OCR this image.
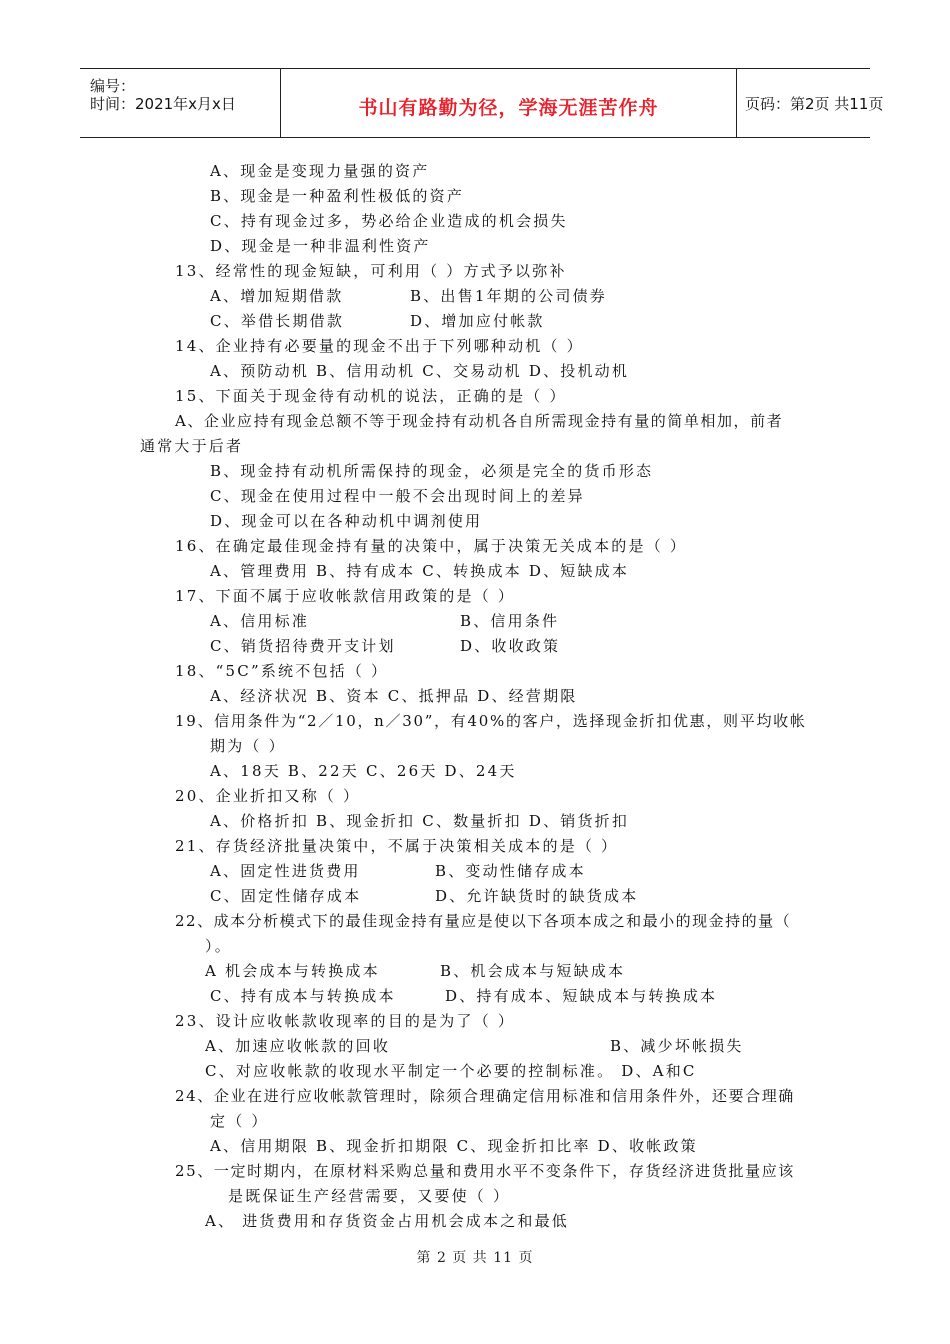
编号：
时间：2021年x月x日	书山有路勤为径，学海无涯苦作舟	页码：第2页 共11页
A、现金是变现力量强的资产
B、现金是一种盈利性极低的资产
C、持有现金过多，势必给企业造成的机会损失
D、现金是一种非温利性资产
13、经常性的现金短缺，可利用（ ）方式予以弥补
A、增加短期借款	B、出售1年期的公司债券
C、举借长期借款	D、增加应付帐款
14、企业持有必要量的现金不出于下列哪种动机（ ）
A、预防动机 B、信用动机 C、交易动机 D、投机动机
15、下面关于现金待有动机的说法，正确的是（ ）
A、企业应持有现金总额不等于现金持有动机各自所需现金持有量的简单相加，前者
通常大于后者
B、现金持有动机所需保持的现金，必须是完全的货币形态
C、现金在使用过程中一般不会出现时间上的差异
D、现金可以在各种动机中调剂使用
16、在确定最佳现金持有量的决策中，属于决策无关成本的是（ ）
A、管理费用 B、持有成本 C、转换成本 D、短缺成本
17、下面不属于应收帐款信用政策的是（ ）
A、信用标准	B、信用条件
C、销货招待费开支计划	D、收收政策
18、“5C”系统不包括（ ）
A、经济状况 B、资本 C、抵押品 D、经营期限
19、信用条件为“2／10，n／30”，有40%的客户，选择现金折扣优惠，则平均收帐
期为（ ）
A、18天 B、22天 C、26天 D、24天
20、企业折扣又称（ ）
A、价格折扣 B、现金折扣 C、数量折扣 D、销货折扣
21、存货经济批量决策中，不属于决策相关成本的是（ ）
A、固定性进货费用	B、变动性储存成本
C、固定性储存成本	D、允许缺货时的缺货成本
22、成本分析模式下的最佳现金持有量应是使以下各项本成之和最小的现金持的量（
）。
A 机会成本与转换成本	B、机会成本与短缺成本
C、持有成本与转换成本	D、持有成本、短缺成本与转换成本
23、设计应收帐款收现率的目的是为了（ ）
A、加速应收帐款的回收	B、减少坏帐损失
C、对应收帐款的收现水平制定一个必要的控制标准。 D、A和C
24、企业在进行应收帐款管理时，除须合理确定信用标准和信用条件外，还要合理确
定（ ）
A、信用期限 B、现金折扣期限 C、现金折扣比率 D、收帐政策
25、一定时期内，在原材料采购总量和费用水平不变条件下，存货经济进货批量应该
是既保证生产经营需要，又要使（ ）
A、 进货费用和存货资金占用机会成本之和最低
第 2 页 共 11 页
